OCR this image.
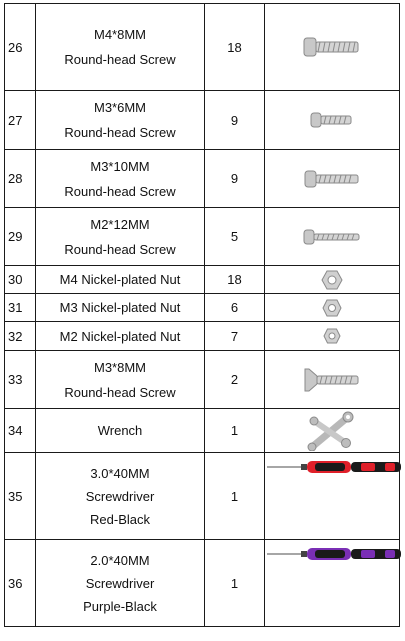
26	M4*8MM
Round-head Screw	18	

27	M3*6MM
Round-head Screw	9	

28	M3*10MM
Round-head Screw	9	

29	M2*12MM
Round-head Screw	5	

30	M4 Nickel-plated Nut	18	

31	M3 Nickel-plated Nut	6	

32	M2 Nickel-plated Nut	7	

33	M3*8MM
Round-head Screw	2	

34	Wrench	1	

35	3.0*40MM
Screwdriver
Red-Black	1	

36	2.0*40MM
Screwdriver
Purple-Black	1	
